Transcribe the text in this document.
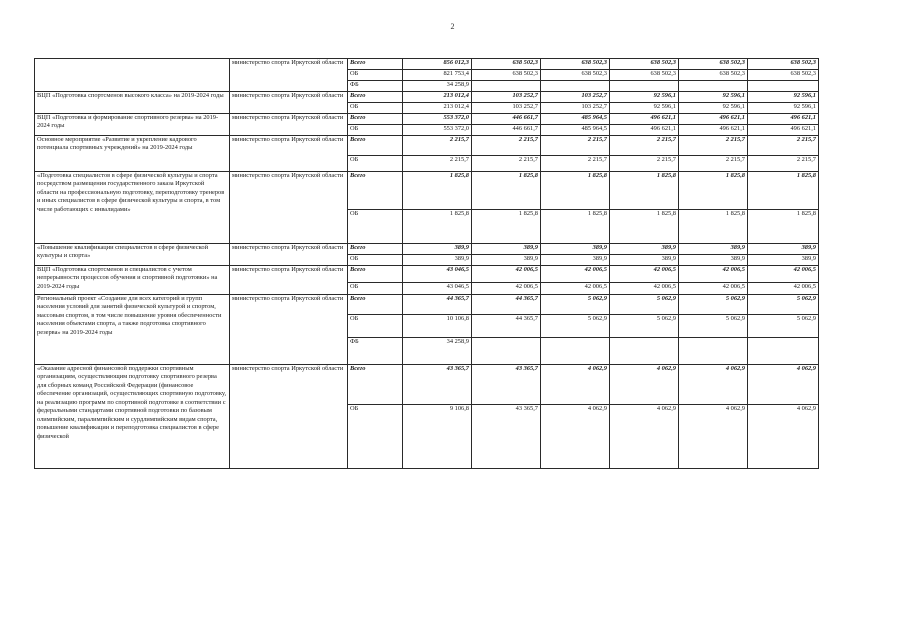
2
	министерство спорта Иркутской области	Всего	856 012,3	638 502,3	638 502,3	638 502,3	638 502,3	638 502,3
		ОБ	821 753,4	638 502,3	638 502,3	638 502,3	638 502,3	638 502,3
		ФБ	34 258,9					
ВЦП «Подготовка спортсменов высокого класса» на 2019-2024 годы	министерство спорта Иркутской области	Всего	213 012,4	103 252,7	103 252,7	92 596,1	92 596,1	92 596,1
		ОБ	213 012,4	103 252,7	103 252,7	92 596,1	92 596,1	92 596,1
ВЦП «Подготовка и формирование спортивного резерва» на 2019-2024 годы	министерство спорта Иркутской области	Всего	553 372,0	446 661,7	485 964,5	496 621,1	496 621,1	496 621,1
		ОБ	553 372,0	446 661,7	485 964,5	496 621,1	496 621,1	496 621,1
Основное мероприятие «Развитие и укрепление кадрового потенциала спортивных учреждений» на 2019-2024 годы	министерство спорта Иркутской области	Всего	2 215,7	2 215,7	2 215,7	2 215,7	2 215,7	2 215,7
		ОБ	2 215,7	2 215,7	2 215,7	2 215,7	2 215,7	2 215,7
«Подготовка специалистов в сфере физической культуры и спорта посредством размещения государственного заказа Иркутской области на профессиональную подготовку, переподготовку тренеров и иных специалистов в сфере физической культуры и спорта, в том числе работающих с инвалидами»	министерство спорта Иркутской области	Всего	1 825,8	1 825,8	1 825,8	1 825,8	1 825,8	1 825,8
		ОБ	1 825,8	1 825,8	1 825,8	1 825,8	1 825,8	1 825,8
«Повышение квалификации специалистов в сфере физической культуры и спорта»	министерство спорта Иркутской области	Всего	389,9	389,9	389,9	389,9	389,9	389,9
		ОБ	389,9	389,9	389,9	389,9	389,9	389,9
ВЦП «Подготовка спортсменов и специалистов с учетом непрерывности процессов обучения и спортивной подготовки» на 2019-2024 годы	министерство спорта Иркутской области	Всего	43 046,5	42 006,5	42 006,5	42 006,5	42 006,5	42 006,5
		ОБ	43 046,5	42 006,5	42 006,5	42 006,5	42 006,5	42 006,5
Региональный проект «Создание для всех категорий и групп населения условий для занятий физической культурой и спортом, массовым спортом, в том числе повышение уровня обеспеченности населения объектами спорта, а также подготовка спортивного резерва» на 2019-2024 годы	министерство спорта Иркутской области	Всего	44 365,7	44 365,7	5 062,9	5 062,9	5 062,9	5 062,9
		ОБ	10 106,8	44 365,7	5 062,9	5 062,9	5 062,9	5 062,9
		ФБ	34 258,9					
«Оказание адресной финансовой поддержки спортивным организациям, осуществляющим подготовку спортивного резерва для сборных команд Российской Федерации (финансовое обеспечение организаций, осуществляющих спортивную подготовку, на реализацию программ по спортивной подготовке в соответствии с федеральными стандартами спортивной подготовки по базовым олимпийским, паралимпийским и сурдлимпийским видам спорта, повышение квалификации и переподготовка специалистов в сфере физической	министерство спорта Иркутской области	Всего	43 365,7	43 365,7	4 062,9	4 062,9	4 062,9	4 062,9
		ОБ	9 106,8	43 365,7	4 062,9	4 062,9	4 062,9	4 062,9
